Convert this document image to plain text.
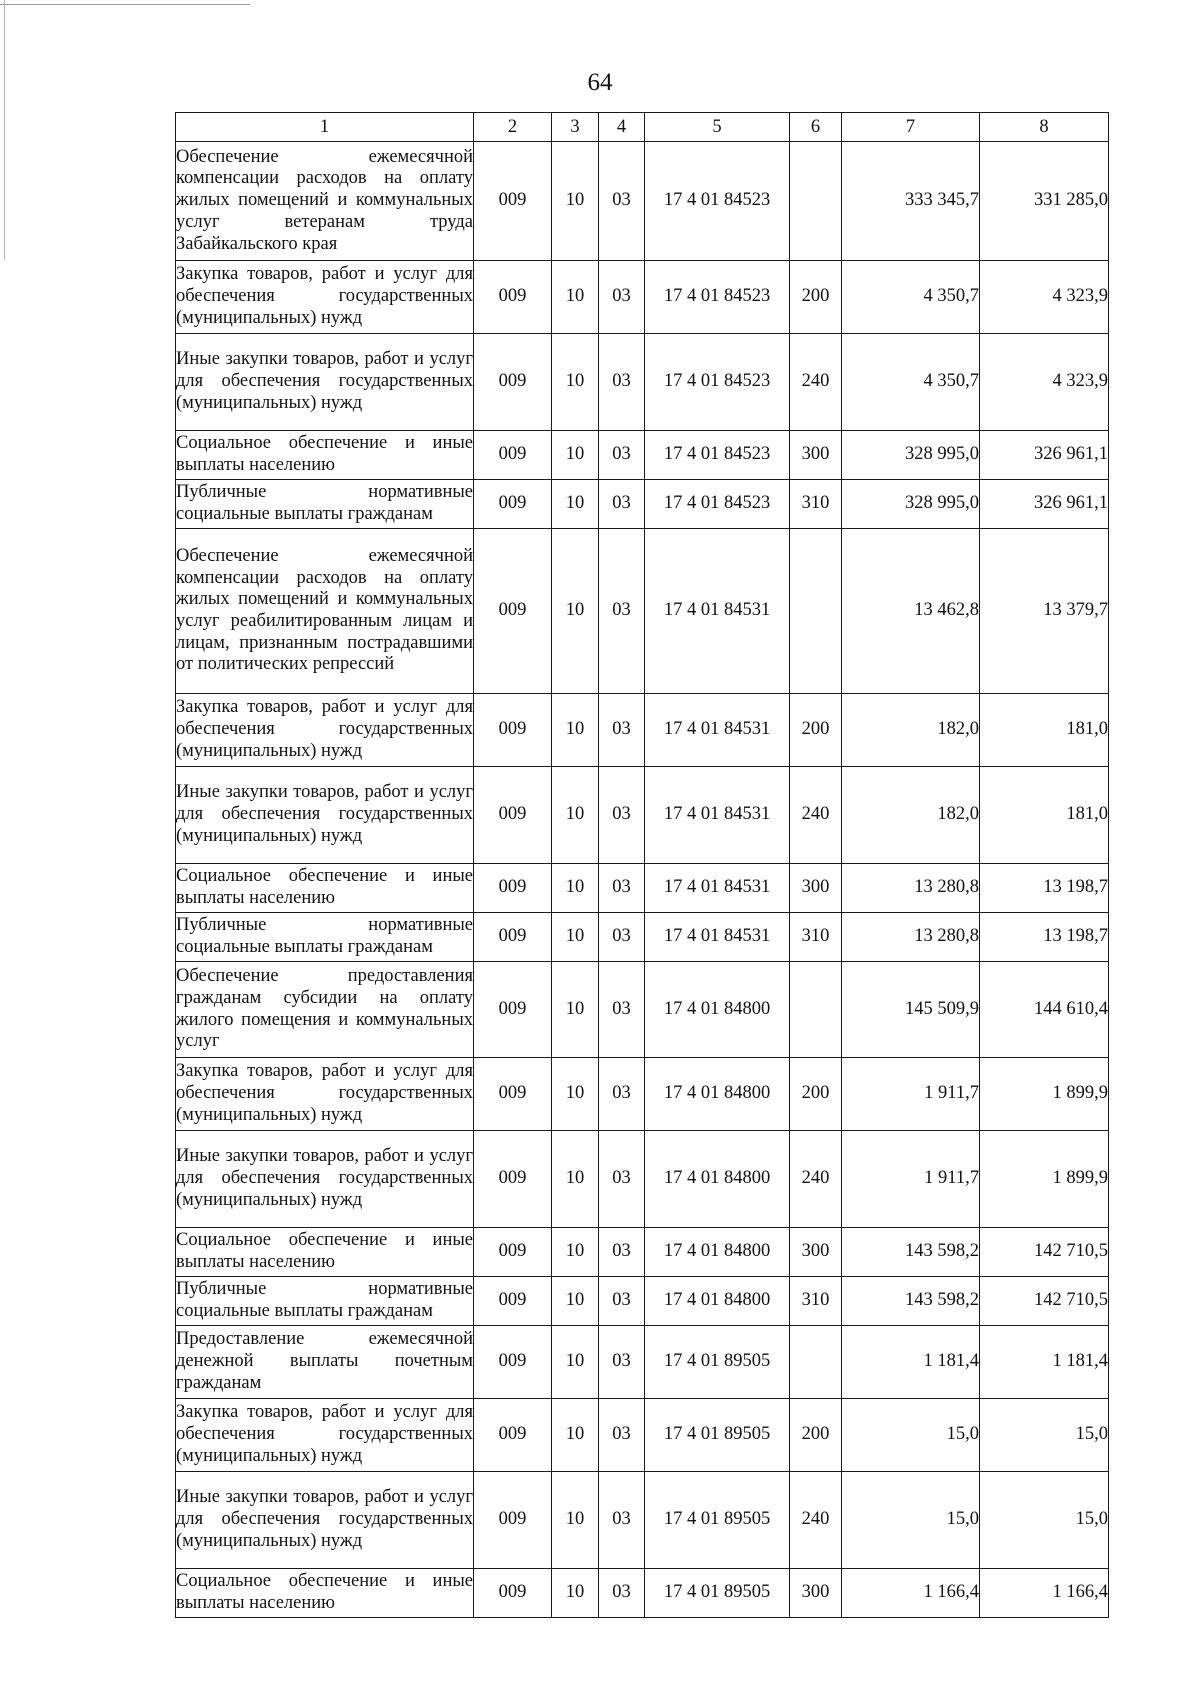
64
1	2	3	4	5	6	7	8
Обеспечение ежемесячной компенсации расходов на оплату жилых помещений и коммунальных услуг ветеранам труда Забайкальского края	009	10	03	17 4 01 84523		333 345,7	331 285,0
Закупка товаров, работ и услуг для обеспечения государственных (муниципальных) нужд	009	10	03	17 4 01 84523	200	4 350,7	4 323,9
Иные закупки товаров, работ и услуг для обеспечения государственных (муниципальных) нужд	009	10	03	17 4 01 84523	240	4 350,7	4 323,9
Социальное обеспечение и иные выплаты населению	009	10	03	17 4 01 84523	300	328 995,0	326 961,1
Публичные нормативные социальные выплаты гражданам	009	10	03	17 4 01 84523	310	328 995,0	326 961,1
Обеспечение ежемесячной компенсации расходов на оплату жилых помещений и коммунальных услуг реабилитированным лицам и лицам, признанным пострадавшими от политических репрессий	009	10	03	17 4 01 84531		13 462,8	13 379,7
Закупка товаров, работ и услуг для обеспечения государственных (муниципальных) нужд	009	10	03	17 4 01 84531	200	182,0	181,0
Иные закупки товаров, работ и услуг для обеспечения государственных (муниципальных) нужд	009	10	03	17 4 01 84531	240	182,0	181,0
Социальное обеспечение и иные выплаты населению	009	10	03	17 4 01 84531	300	13 280,8	13 198,7
Публичные нормативные социальные выплаты гражданам	009	10	03	17 4 01 84531	310	13 280,8	13 198,7
Обеспечение предоставления гражданам субсидии на оплату жилого помещения и коммунальных услуг	009	10	03	17 4 01 84800		145 509,9	144 610,4
Закупка товаров, работ и услуг для обеспечения государственных (муниципальных) нужд	009	10	03	17 4 01 84800	200	1 911,7	1 899,9
Иные закупки товаров, работ и услуг для обеспечения государственных (муниципальных) нужд	009	10	03	17 4 01 84800	240	1 911,7	1 899,9
Социальное обеспечение и иные выплаты населению	009	10	03	17 4 01 84800	300	143 598,2	142 710,5
Публичные нормативные социальные выплаты гражданам	009	10	03	17 4 01 84800	310	143 598,2	142 710,5
Предоставление ежемесячной денежной выплаты почетным гражданам	009	10	03	17 4 01 89505		1 181,4	1 181,4
Закупка товаров, работ и услуг для обеспечения государственных (муниципальных) нужд	009	10	03	17 4 01 89505	200	15,0	15,0
Иные закупки товаров, работ и услуг для обеспечения государственных (муниципальных) нужд	009	10	03	17 4 01 89505	240	15,0	15,0
Социальное обеспечение и иные выплаты населению	009	10	03	17 4 01 89505	300	1 166,4	1 166,4
